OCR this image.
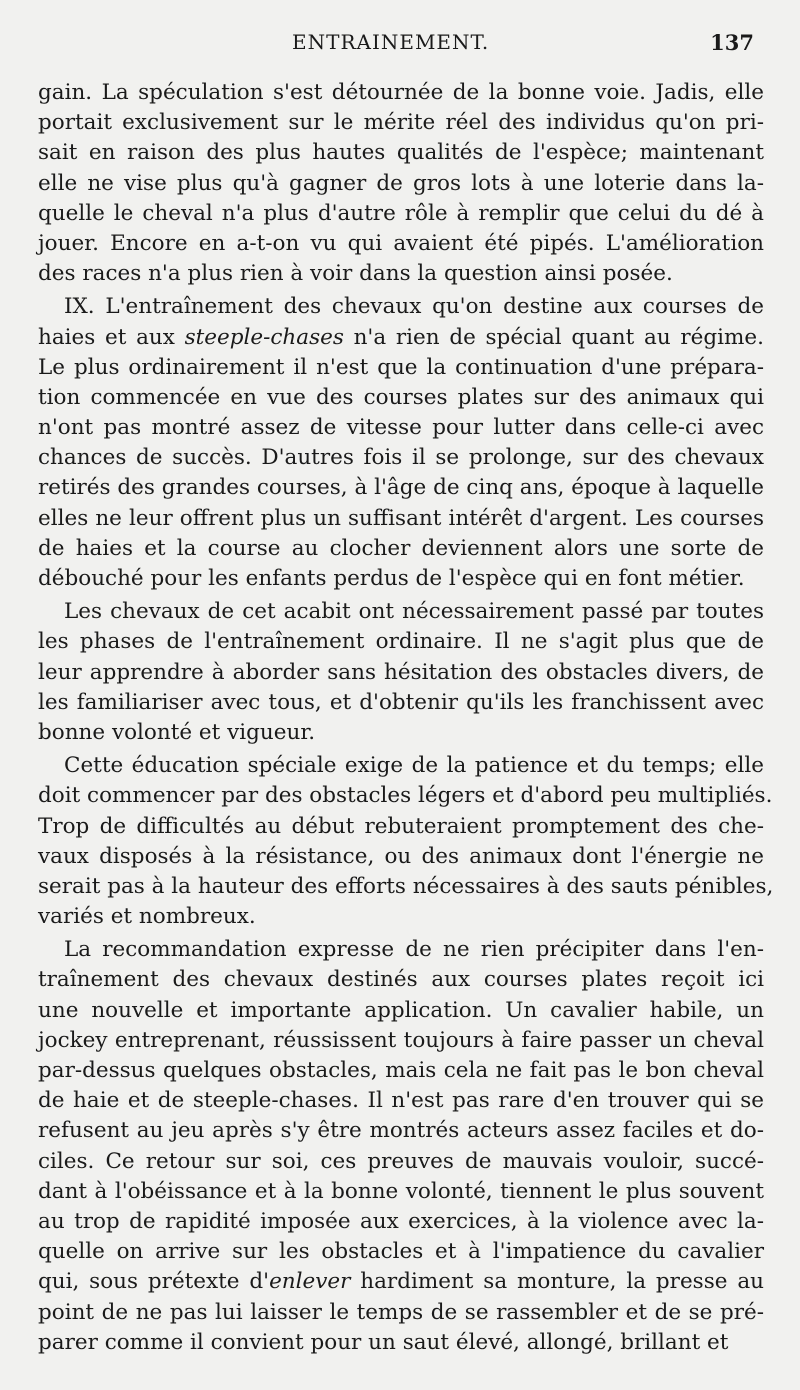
ENTRAINEMENT.	137
gain. La spéculation s'est détournée de la bonne voie. Jadis, elle
portait exclusivement sur le mérite réel des individus qu'on pri-
sait en raison des plus hautes qualités de l'espèce; maintenant
elle ne vise plus qu'à gagner de gros lots à une loterie dans la-
quelle le cheval n'a plus d'autre rôle à remplir que celui du dé à
jouer. Encore en a-t-on vu qui avaient été pipés. L'amélioration
des races n'a plus rien à voir dans la question ainsi posée.
IX. L'entraînement des chevaux qu'on destine aux courses de
haies et aux steeple-chases n'a rien de spécial quant au régime.
Le plus ordinairement il n'est que la continuation d'une prépara-
tion commencée en vue des courses plates sur des animaux qui
n'ont pas montré assez de vitesse pour lutter dans celle-ci avec
chances de succès. D'autres fois il se prolonge, sur des chevaux
retirés des grandes courses, à l'âge de cinq ans, époque à laquelle
elles ne leur offrent plus un suffisant intérêt d'argent. Les courses
de haies et la course au clocher deviennent alors une sorte de
débouché pour les enfants perdus de l'espèce qui en font métier.
Les chevaux de cet acabit ont nécessairement passé par toutes
les phases de l'entraînement ordinaire. Il ne s'agit plus que de
leur apprendre à aborder sans hésitation des obstacles divers, de
les familiariser avec tous, et d'obtenir qu'ils les franchissent avec
bonne volonté et vigueur.
Cette éducation spéciale exige de la patience et du temps; elle
doit commencer par des obstacles légers et d'abord peu multipliés.
Trop de difficultés au début rebuteraient promptement des che-
vaux disposés à la résistance, ou des animaux dont l'énergie ne
serait pas à la hauteur des efforts nécessaires à des sauts pénibles,
variés et nombreux.
La recommandation expresse de ne rien précipiter dans l'en-
traînement des chevaux destinés aux courses plates reçoit ici
une nouvelle et importante application. Un cavalier habile, un
jockey entreprenant, réussissent toujours à faire passer un cheval
par-dessus quelques obstacles, mais cela ne fait pas le bon cheval
de haie et de steeple-chases. Il n'est pas rare d'en trouver qui se
refusent au jeu après s'y être montrés acteurs assez faciles et do-
ciles. Ce retour sur soi, ces preuves de mauvais vouloir, succé-
dant à l'obéissance et à la bonne volonté, tiennent le plus souvent
au trop de rapidité imposée aux exercices, à la violence avec la-
quelle on arrive sur les obstacles et à l'impatience du cavalier
qui, sous prétexte d'enlever hardiment sa monture, la presse au
point de ne pas lui laisser le temps de se rassembler et de se pré-
parer comme il convient pour un saut élevé, allongé, brillant et
